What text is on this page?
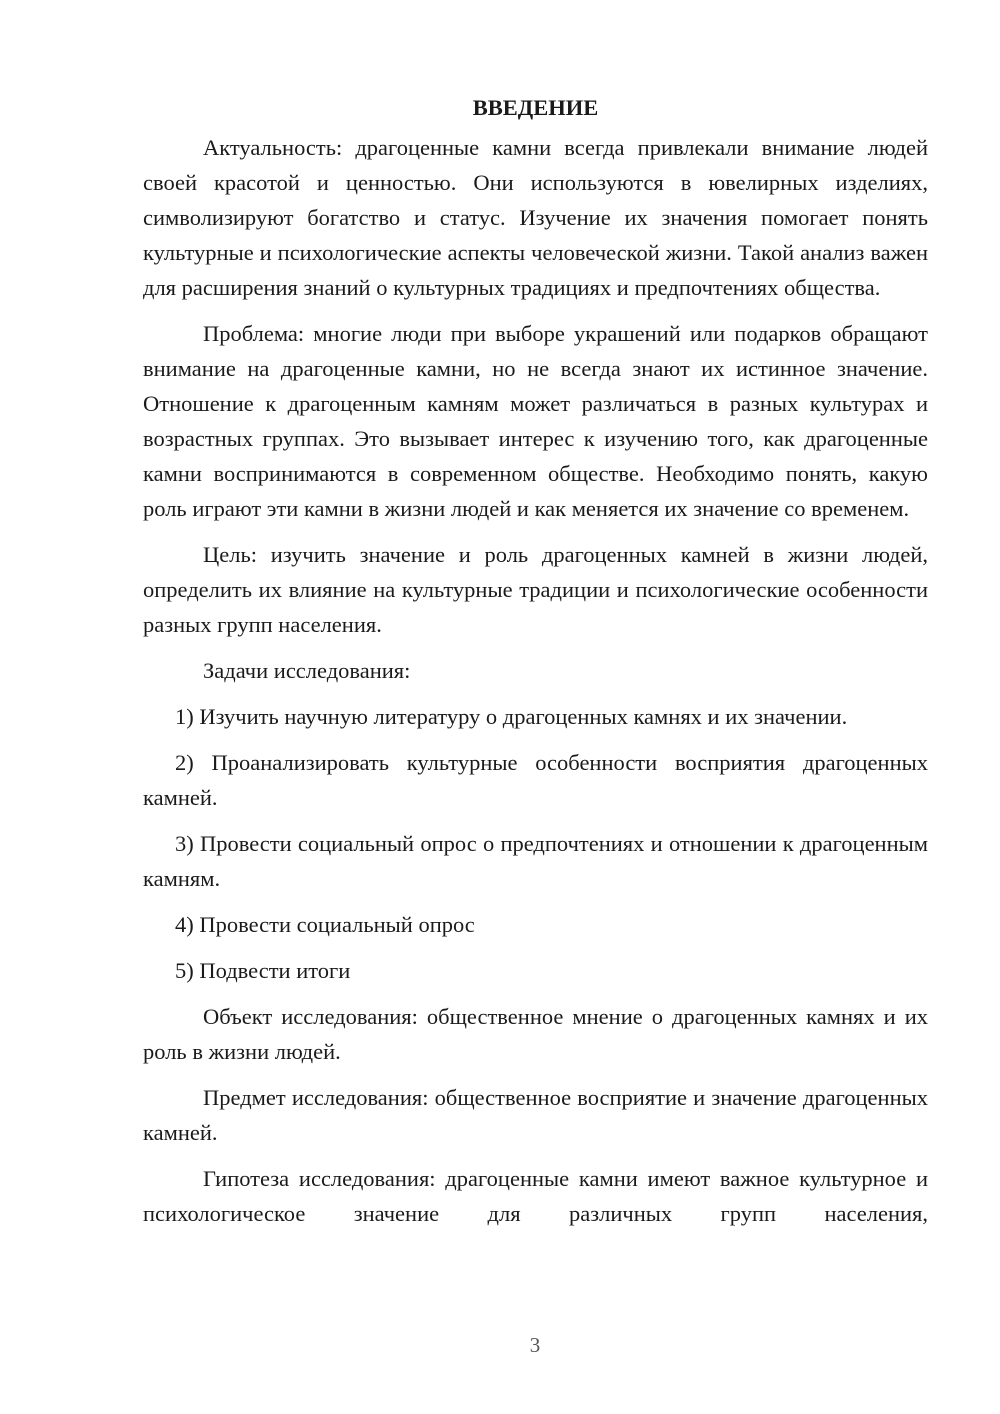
ВВЕДЕНИЕ

Актуальность: драгоценные камни всегда привлекали внимание людей своей красотой и ценностью. Они используются в ювелирных изделиях, символизируют богатство и статус. Изучение их значения помогает понять культурные и психологические аспекты человеческой жизни. Такой анализ важен для расширения знаний о культурных традициях и предпочтениях общества.

Проблема: многие люди при выборе украшений или подарков обращают внимание на драгоценные камни, но не всегда знают их истинное значение. Отношение к драгоценным камням может различаться в разных культурах и возрастных группах. Это вызывает интерес к изучению того, как драгоценные камни воспринимаются в современном обществе. Необходимо понять, какую роль играют эти камни в жизни людей и как меняется их значение со временем.

Цель: изучить значение и роль драгоценных камней в жизни людей, определить их влияние на культурные традиции и психологические особенности разных групп населения.

Задачи исследования:

1) Изучить научную литературу о драгоценных камнях и их значении.

2) Проанализировать культурные особенности восприятия драгоценных камней.

3) Провести социальный опрос о предпочтениях и отношении к драгоценным камням.

4) Провести социальный опрос

5) Подвести итоги

Объект исследования: общественное мнение о драгоценных камнях и их роль в жизни людей.

Предмет исследования: общественное восприятие и значение драгоценных камней.

Гипотеза исследования: драгоценные камни имеют важное культурное и психологическое значение для различных групп населения,

3
